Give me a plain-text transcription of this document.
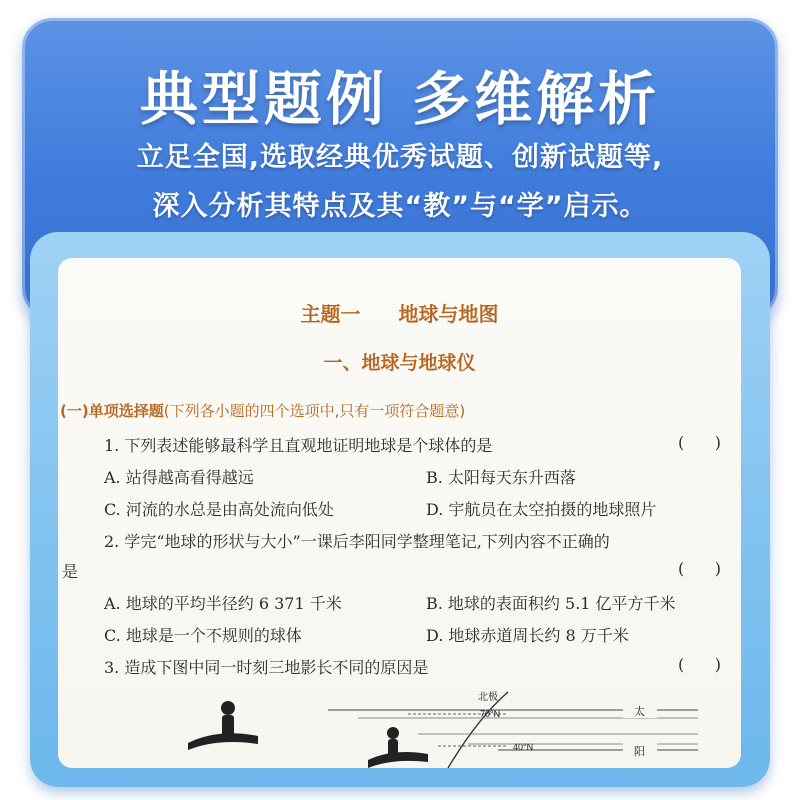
典型题例 多维解析
立足全国,选取经典优秀试题、创新试题等,
深入分析其特点及其“教”与“学”启示。
主题一 地球与地图
一、地球与地球仪
(一)单项选择题(下列各小题的四个选项中,只有一项符合题意)
1. 下列表述能够最科学且直观地证明地球是个球体的是	(      )
A. 站得越高看得越远	B. 太阳每天东升西落
C. 河流的水总是由高处流向低处	D. 宇航员在太空拍摄的地球照片
2. 学完“地球的形状与大小”一课后李阳同学整理笔记,下列内容不正确的
是	(      )
A. 地球的平均半径约 6 371 千米	B. 地球的表面积约 5.1 亿平方千米
C. 地球是一个不规则的球体	D. 地球赤道周长约 8 万千米
3. 造成下图中同一时刻三地影长不同的原因是	(      )
北极
70°N
40°N
太
阳
